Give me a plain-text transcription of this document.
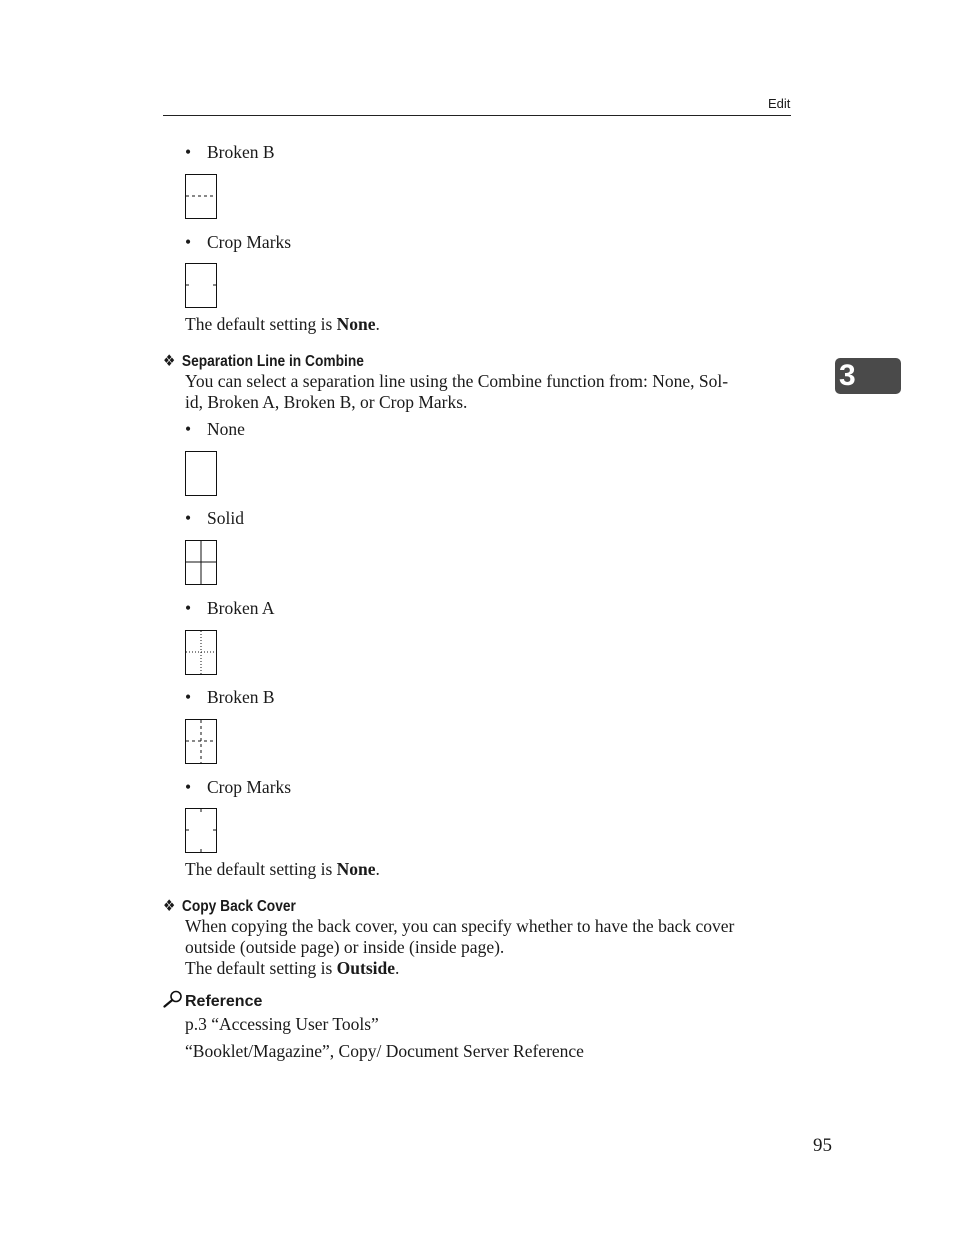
Edit
3
• Broken B
• Crop Marks
The default setting is None.
❖ Separation Line in Combine
You can select a separation line using the Combine function from: None, Sol-
id, Broken A, Broken B, or Crop Marks.
• None
• Solid
• Broken A
• Broken B
• Crop Marks
The default setting is None.
❖ Copy Back Cover
When copying the back cover, you can specify whether to have the back cover
outside (outside page) or inside (inside page).
The default setting is Outside.
Reference
p.3 “Accessing User Tools”
“Booklet/Magazine”, Copy/ Document Server Reference
95
